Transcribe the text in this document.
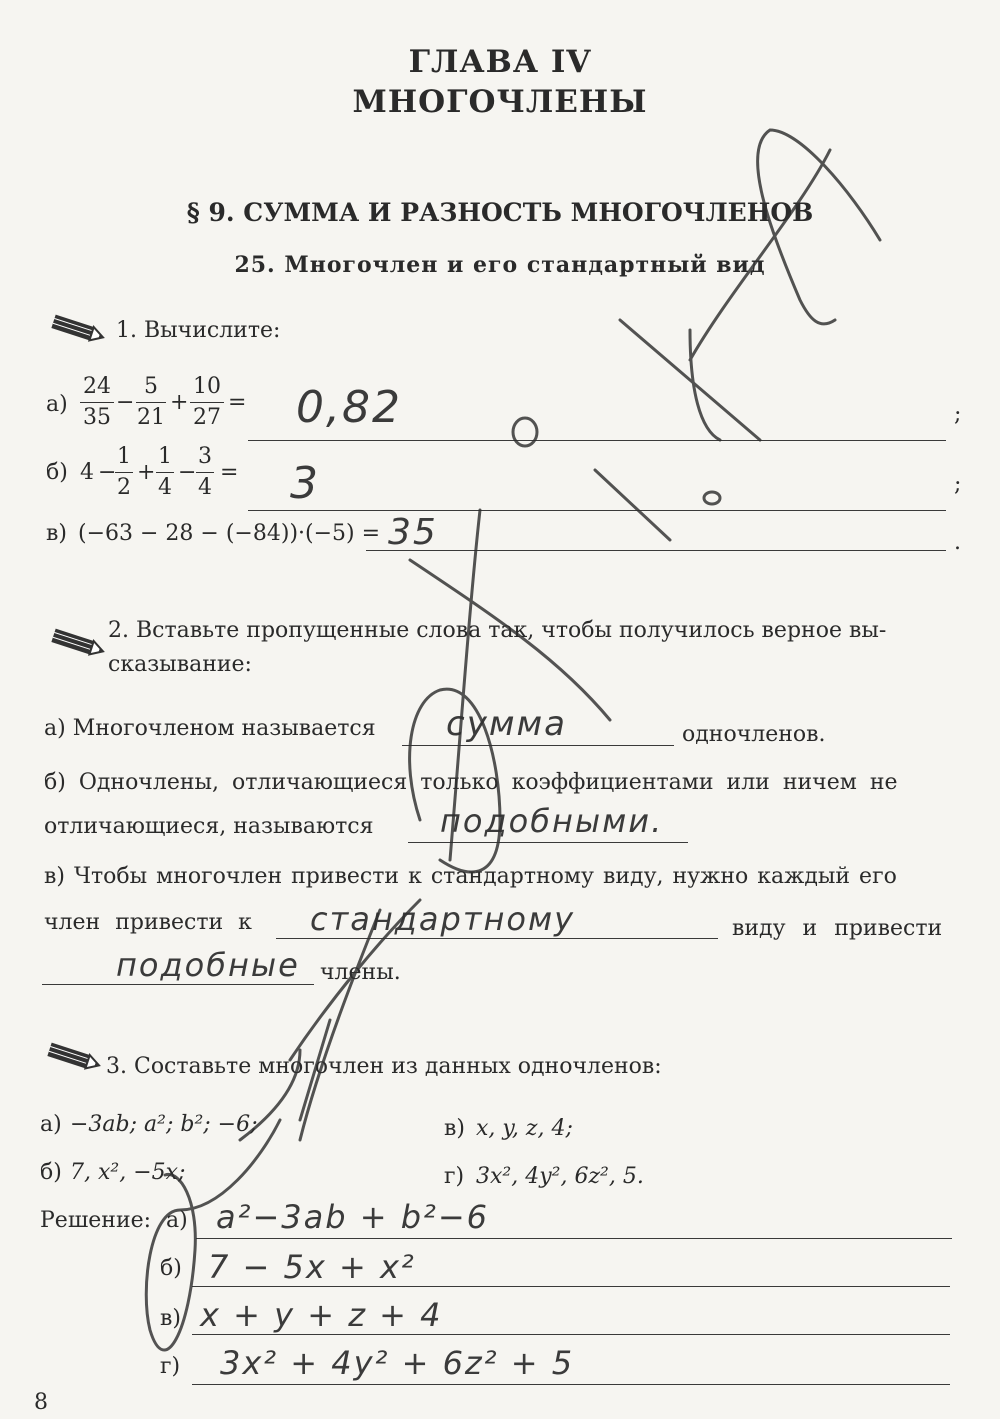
ГЛАВА IV
МНОГОЧЛЕНЫ
§ 9. СУММА И РАЗНОСТЬ МНОГОЧЛЕНОВ
25. Многочлен и его стандартный вид
1. Вычислите:
а)
24
35
−
5
21
+
10
27
= 0,82	;
б) 4 −
1
2
+
1
4
−
3
4
= 3	;
в) (−63 − 28 − (−84))·(−5) = 35	.
2. Вставьте пропущенные слова так, чтобы получилось верное вы-
сказывание:
а) Многочленом называется сумма	одночленов.
б) Одночлены, отличающиеся только коэффициентами или ничем не
отличающиеся, называются подобными.
в) Чтобы многочлен привести к стандартному виду, нужно каждый его
член привести к стандартному	виду и привести
подобные члены.
3. Составьте многочлен из данных одночленов:
а) −3ab; a²; b²; −6;	в) x, y, z, 4;
б) 7, x², −5x;	г) 3x², 4y², 6z², 5.
Решение: а) a²−3ab + b²−6
б) 7 − 5x + x²
в) x + y + z + 4
г) 3x² + 4y² + 6z² + 5
8
